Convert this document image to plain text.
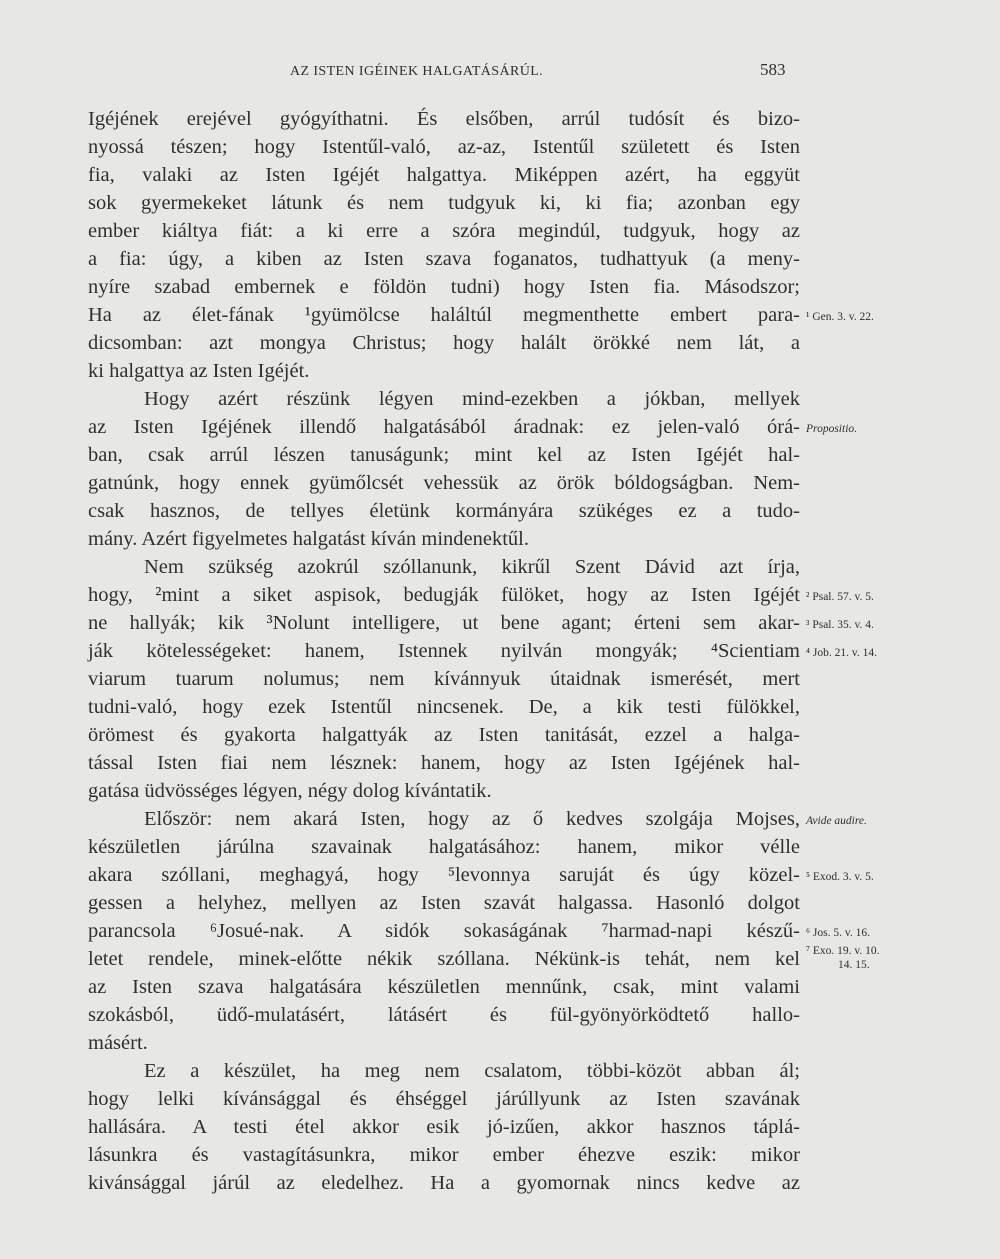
AZ ISTEN IGÉINEK HALGATÁSÁRÚL.	583
Igéjének erejével gyógyíthatni. És elsőben, arrúl tudósít és bizo-
nyossá tészen; hogy Istentűl-való, az-az, Istentűl született és Isten
fia, valaki az Isten Igéjét halgattya. Miképpen azért, ha eggyüt
sok gyermekeket látunk és nem tudgyuk ki, ki fia; azonban egy
ember kiáltya fiát: a ki erre a szóra megindúl, tudgyuk, hogy az
a fia: úgy, a kiben az Isten szava foganatos, tudhattyuk (a meny-
nyíre szabad embernek e földön tudni) hogy Isten fia. Másodszor;
Ha az élet-fának ¹gyümölcse haláltúl megmenthette embert para-
dicsomban: azt mongya Christus; hogy halált örökké nem lát, a
ki halgattya az Isten Igéjét.
Hogy azért részünk légyen mind-ezekben a jókban, mellyek
az Isten Igéjének illendő halgatásából áradnak: ez jelen-való órá-
ban, csak arrúl lészen tanuságunk; mint kel az Isten Igéjét hal-
gatnúnk, hogy ennek gyümőlcsét vehessük az örök bóldogságban. Nem-
csak hasznos, de tellyes életünk kormányára szükéges ez a tudo-
mány. Azért figyelmetes halgatást kíván mindenektűl.
Nem szükség azokrúl szóllanunk, kikrűl Szent Dávid azt írja,
hogy, ²mint a siket aspisok, bedugják fülöket, hogy az Isten Igéjét
ne hallyák; kik ³Nolunt intelligere, ut bene agant; érteni sem akar-
ják kötelességeket: hanem, Istennek nyilván mongyák; ⁴Scientiam
viarum tuarum nolumus; nem kívánnyuk útaidnak ismerését, mert
tudni-való, hogy ezek Istentűl nincsenek. De, a kik testi fülökkel,
örömest és gyakorta halgattyák az Isten tanitását, ezzel a halga-
tással Isten fiai nem lésznek: hanem, hogy az Isten Igéjének hal-
gatása üdvösséges légyen, négy dolog kívántatik.
Először: nem akará Isten, hogy az ő kedves szolgája Mojses,
készületlen járúlna szavainak halgatásához: hanem, mikor vélle
akara szóllani, meghagyá, hogy ⁵levonnya saruját és úgy közel-
gessen a helyhez, mellyen az Isten szavát halgassa. Hasonló dolgot
parancsola ⁶Josué-nak. A sidók sokaságának ⁷harmad-napi készű-
letet rendele, minek-előtte nékik szóllana. Nékünk-is tehát, nem kel
az Isten szava halgatására készületlen mennűnk, csak, mint valami
szokásból, üdő-mulatásért, látásért és fül-gyönyörködtető hallo-
másért.
Ez a készület, ha meg nem csalatom, többi-közöt abban ál;
hogy lelki kívánsággal és éhséggel járúllyunk az Isten szavának
hallására. A testi étel akkor esik jó-izűen, akkor hasznos táplá-
lásunkra és vastagításunkra, mikor ember éhezve eszik: mikor
kivánsággal járúl az eledelhez. Ha a gyomornak nincs kedve az
¹ Gen. 3. v. 22.
Propositio.
² Psal. 57. v. 5.
³ Psal. 35. v. 4.
⁴ Job. 21. v. 14.
Avide audire.
⁵ Exod. 3. v. 5.
⁶ Jos. 5. v. 16.
⁷ Exo. 19. v. 10.
14. 15.
